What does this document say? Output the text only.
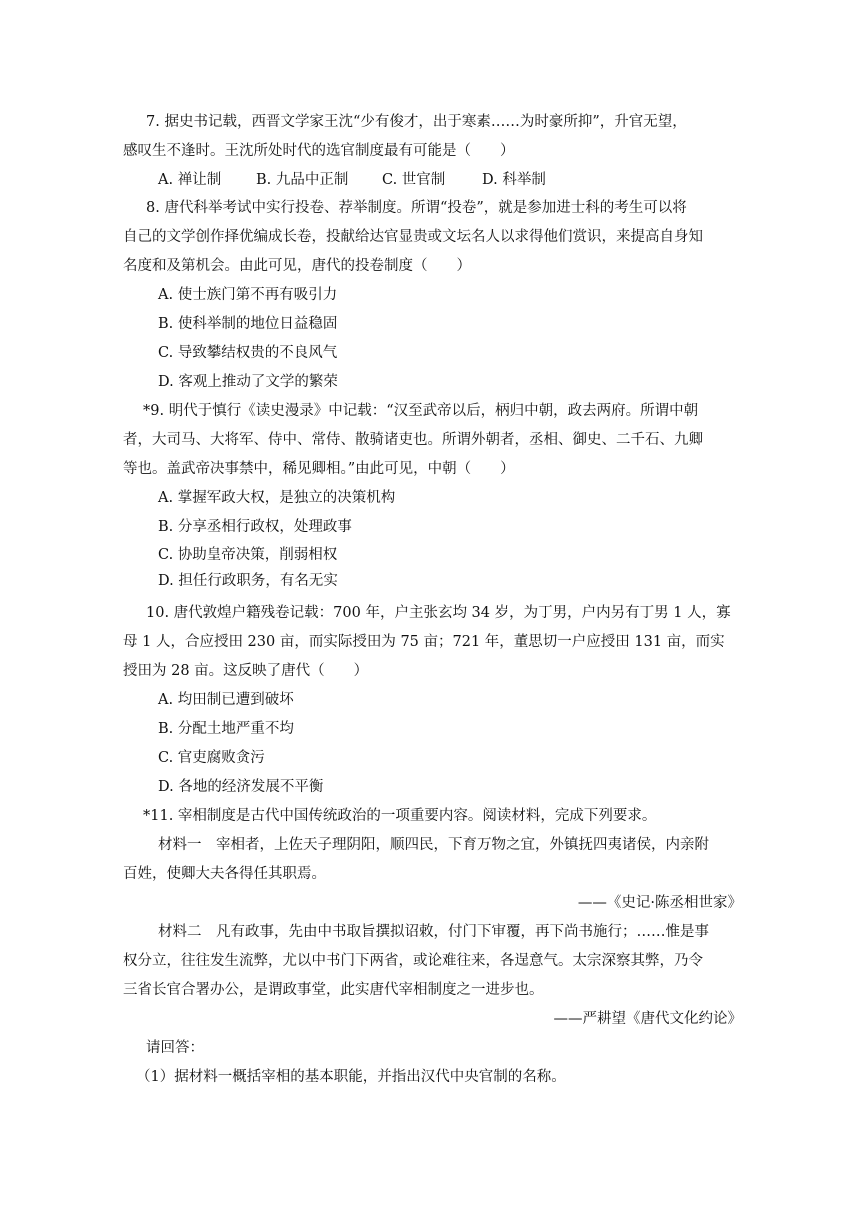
7. 据史书记载，西晋文学家王沈“少有俊才，出于寒素……为时豪所抑”，升官无望，
感叹生不逢时。王沈所处时代的选官制度最有可能是（　　）
A. 禅让制 B. 九品中正制 C. 世官制	D. 科举制
8. 唐代科举考试中实行投卷、荐举制度。所谓“投卷”，就是参加进士科的考生可以将
自己的文学创作择优编成长卷，投献给达官显贵或文坛名人以求得他们赏识，来提高自身知
名度和及第机会。由此可见，唐代的投卷制度（　　）
A. 使士族门第不再有吸引力
B. 使科举制的地位日益稳固
C. 导致攀结权贵的不良风气
D. 客观上推动了文学的繁荣
*9. 明代于慎行《读史漫录》中记载：“汉至武帝以后，柄归中朝，政去两府。所谓中朝
者，大司马、大将军、侍中、常侍、散骑诸吏也。所谓外朝者，丞相、御史、二千石、九卿
等也。盖武帝决事禁中，稀见卿相。”由此可见，中朝（　　）
A. 掌握军政大权，是独立的决策机构
B. 分享丞相行政权，处理政事
C. 协助皇帝决策，削弱相权
D. 担任行政职务，有名无实
10. 唐代敦煌户籍残卷记载：700 年，户主张玄均 34 岁，为丁男，户内另有丁男 1 人，寡
母 1 人，合应授田 230 亩，而实际授田为 75 亩；721 年，董思切一户应授田 131 亩，而实
授田为 28 亩。这反映了唐代（　　）
A. 均田制已遭到破坏
B. 分配土地严重不均
C. 官吏腐败贪污
D. 各地的经济发展不平衡
*11. 宰相制度是古代中国传统政治的一项重要内容。阅读材料，完成下列要求。
材料一　宰相者，上佐天子理阴阳，顺四民，下育万物之宜，外镇抚四夷诸侯，内亲附
百姓，使卿大夫各得任其职焉。
——《史记·陈丞相世家》
材料二　凡有政事，先由中书取旨撰拟诏敕，付门下审覆，再下尚书施行；……惟是事
权分立，往往发生流弊，尤以中书门下两省，或论难往来，各逞意气。太宗深察其弊，乃令
三省长官合署办公，是谓政事堂，此实唐代宰相制度之一进步也。
——严耕望《唐代文化约论》
请回答：
（1）据材料一概括宰相的基本职能，并指出汉代中央官制的名称。
